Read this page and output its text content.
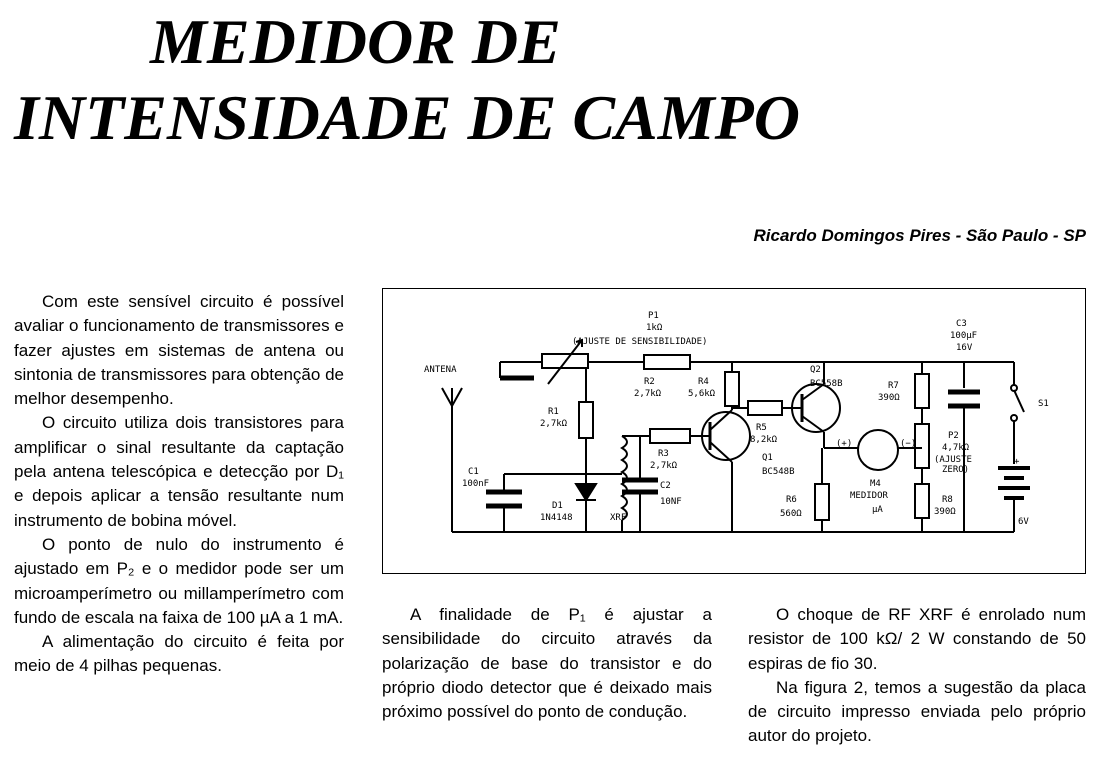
MEDIDOR DE
INTENSIDADE DE CAMPO
Ricardo Domingos Pires - São Paulo - SP

Com este sensível circuito é possível avaliar o funcionamento de transmissores e fazer ajustes em sistemas de antena ou sintonia de transmissores para obtenção de melhor desempenho.

O circuito utiliza dois transistores para amplificar o sinal resultante da captação pela antena telescópica e detecção por D₁ e depois aplicar a tensão resultante num instrumento de bobina móvel.

O ponto de nulo do instrumento é ajustado em P₂ e o medidor pode ser um microamperímetro ou millamperímetro com fundo de escala na faixa de 100 µA a 1 mA.

A alimentação do circuito é feita por meio de 4 pilhas pequenas.

ANTENA
P1
1kΩ
(AJUSTE DE SENSIBILIDADE)
R2
2,7kΩ
R1
2,7kΩ
C1
100nF
D1
1N4148	XRF
C2
10NF
R3
2,7kΩ
R4
5,6kΩ
Q1
BC548B
R5
8,2kΩ
Q2
BC558B
R6
560Ω
(+)	(−)
M4
MEDIDOR
µA
R7
390Ω
C3
100µF
16V
P2
4,7kΩ
(AJUSTE
ZERO)
R8
390Ω
S1
+
6V

A finalidade de P₁ é ajustar a sensibilidade do circuito através da polarização de base do transistor e do próprio diodo detector que é deixado mais próximo possível do ponto de condução.

O choque de RF XRF é enrolado num resistor de 100 kΩ/ 2 W constando de 50 espiras de fio 30.

Na figura 2, temos a sugestão da placa de circuito impresso enviada pelo próprio autor do projeto.
